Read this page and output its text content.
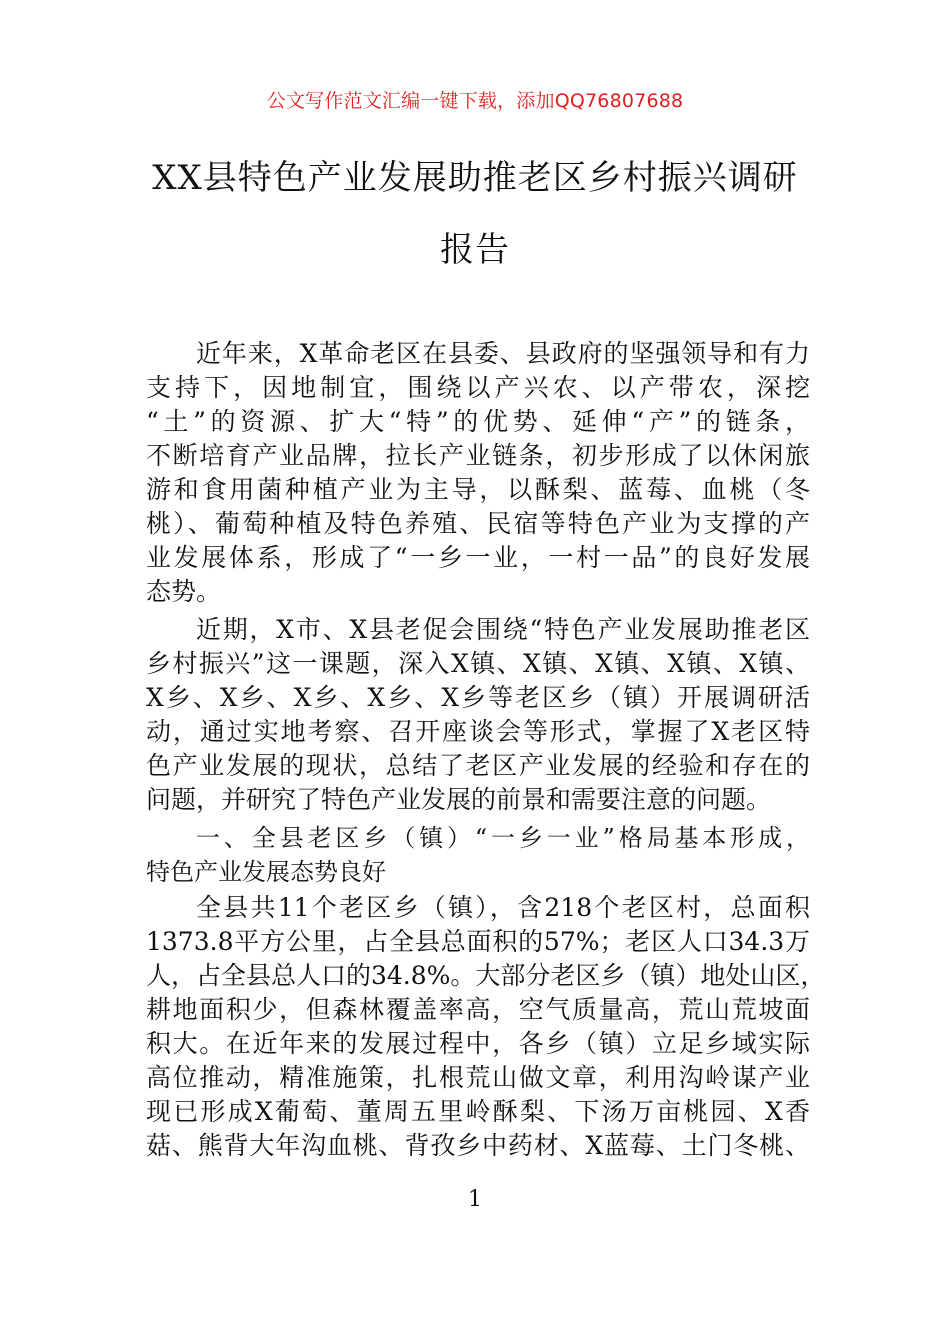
公文写作范文汇编一键下载，添加QQ76807688
XX县特色产业发展助推老区乡村振兴调研
报告
近年来，X革命老区在县委、县政府的坚强领导和有力
支持下，因地制宜，围绕以产兴农、以产带农，深挖
“土”的资源、扩大“特”的优势、延伸“产”的链条，
不断培育产业品牌，拉长产业链条，初步形成了以休闲旅
游和食用菌种植产业为主导，以酥梨、蓝莓、血桃（冬
桃）、葡萄种植及特色养殖、民宿等特色产业为支撑的产
业发展体系，形成了“一乡一业，一村一品”的良好发展
态势。
近期，X市、X县老促会围绕“特色产业发展助推老区
乡村振兴”这一课题，深入X镇、X镇、X镇、X镇、X镇、
X乡、X乡、X乡、X乡、X乡等老区乡（镇）开展调研活
动，通过实地考察、召开座谈会等形式，掌握了X老区特
色产业发展的现状，总结了老区产业发展的经验和存在的
问题，并研究了特色产业发展的前景和需要注意的问题。
一、全县老区乡（镇）“一乡一业”格局基本形成，
特色产业发展态势良好
全县共11个老区乡（镇），含218个老区村，总面积
1373.8平方公里，占全县总面积的57%；老区人口34.3万
人，占全县总人口的34.8%。大部分老区乡（镇）地处山区，
耕地面积少，但森林覆盖率高，空气质量高，荒山荒坡面
积大。在近年来的发展过程中，各乡（镇）立足乡域实际
高位推动，精准施策，扎根荒山做文章，利用沟岭谋产业
现已形成X葡萄、董周五里岭酥梨、下汤万亩桃园、X香
菇、熊背大年沟血桃、背孜乡中药材、X蓝莓、土门冬桃、
1
